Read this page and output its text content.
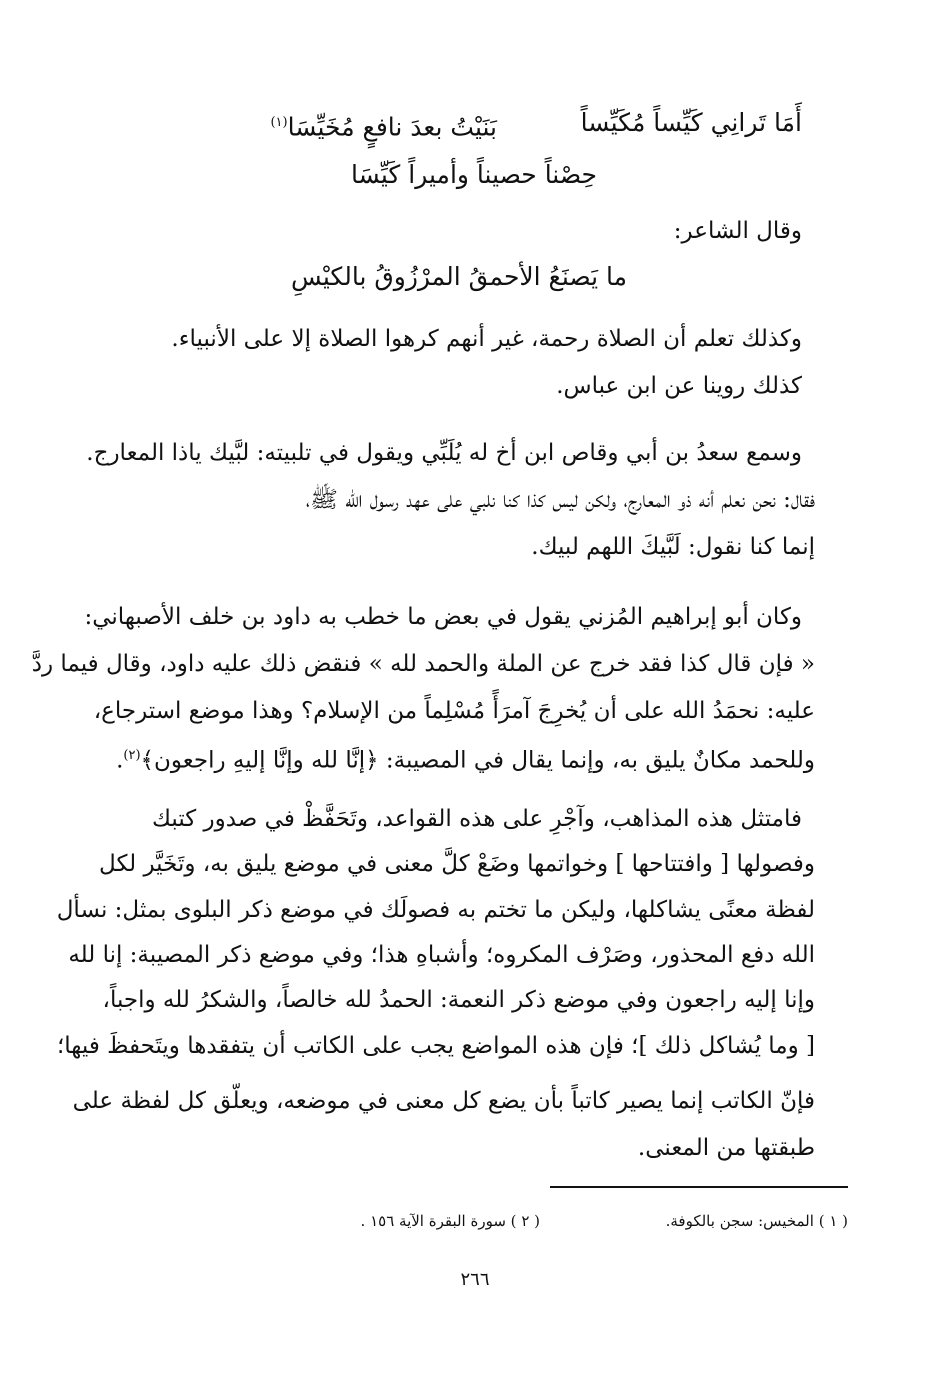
أَمَا تَرانِي كَيِّساً مُكَيِّساً
بَنَيْتُ بعدَ نافعٍ مُخَيِّسَا$^{(١)}$
حِصْناً حصيناً وأميراً كَيِّسَا
وقال الشاعر:
ما يَصنَعُ الأحمقُ المرْزُوقُ بالكيْسِ
وكذلك تعلم أن الصلاة رحمة، غير أنهم كرهوا الصلاة إلا على الأنبياء.
كذلك روينا عن ابن عباس.
وسمع سعدُ بن أبي وقاص ابن أخ له يُلَبِّي ويقول في تلبيته: لبَّيك ياذا المعارج.
فقال: نحن نعلم أنه ذو المعارج، ولكن ليس كذا كنا نلبي على عهد رسول الله ﷺ،
إنما كنا نقول: لَبَّيكَ اللهم لبيك.
وكان أبو إبراهيم المُزني يقول في بعض ما خطب به داود بن خلف الأصبهاني:
« فإن قال كذا فقد خرج عن الملة والحمد لله » فنقض ذلك عليه داود، وقال فيما ردَّ
عليه: نحمَدُ الله على أن يُخرِجَ آمرَأً مُسْلِماً من الإسلام؟ وهذا موضع استرجاع،
وللحمد مكانٌ يليق به، وإنما يقال في المصيبة: ﴿إنَّا لله وإنَّا إليهِ راجعون﴾$^{(٢)}$.
فامتثل هذه المذاهب، وآجْرِ على هذه القواعد، وتَحَفَّظْ في صدور كتبك
وفصولها [ وافتتاحها ] وخواتمها وضَعْ كلَّ معنى في موضع يليق به، وتَخَيَّر لكل
لفظة معنًى يشاكلها، وليكن ما تختم به فصولَك في موضع ذكر البلوى بمثل: نسأل
الله دفع المحذور، وصَرْف المكروه؛ وأشباهِ هذا؛ وفي موضع ذكر المصيبة: إنا لله
وإنا إليه راجعون وفي موضع ذكر النعمة: الحمدُ لله خالصاً، والشكرُ لله واجباً،
[ وما يُشاكل ذلك ]؛ فإن هذه المواضع يجب على الكاتب أن يتفقدها ويتَحفظَ فيها؛
فإنّ الكاتب إنما يصير كاتباً بأن يضع كل معنى في موضعه، ويعلّق كل لفظة على
طبقتها من المعنى.
( ١ ) المخيس: سجن بالكوفة.
( ٢ ) سورة البقرة الآية ١٥٦ .
٢٦٦
